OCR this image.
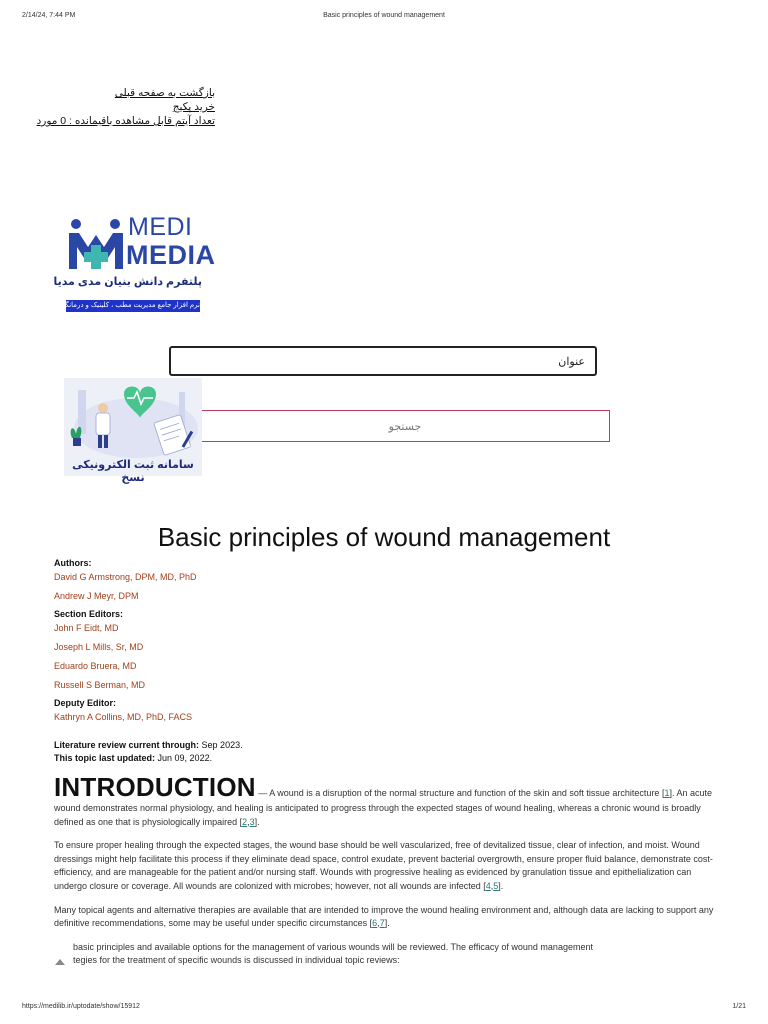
2/14/24, 7:44 PM	Basic principles of wound management
بازگشت به صفحه قبلی
خرید پکیج
تعداد آیتم قابل مشاهده باقیمانده : 0 مورد
MEDI
MEDIA
پلتفرم دانش بنیان مدی مدیا
نرم افزار جامع مدیریت مطب ، کلینیک و درمانگاه
عنوان
جستجو
سامانه ثبت الکترونیکی نسخ
Basic principles of wound management
Authors:
David G Armstrong, DPM, MD, PhD
Andrew J Meyr, DPM
Section Editors:
John F Eidt, MD
Joseph L Mills, Sr, MD
Eduardo Bruera, MD
Russell S Berman, MD
Deputy Editor:
Kathryn A Collins, MD, PhD, FACS
Literature review current through: Sep 2023.
This topic last updated: Jun 09, 2022.

INTRODUCTION — A wound is a disruption of the normal structure and function of the skin and soft tissue architecture [1]. An acute wound demonstrates normal physiology, and healing is anticipated to progress through the expected stages of wound healing, whereas a chronic wound is broadly defined as one that is physiologically impaired [2,3].

To ensure proper healing through the expected stages, the wound base should be well vascularized, free of devitalized tissue, clear of infection, and moist. Wound dressings might help facilitate this process if they eliminate dead space, control exudate, prevent bacterial overgrowth, ensure proper fluid balance, demonstrate cost-efficiency, and are manageable for the patient and/or nursing staff. Wounds with progressive healing as evidenced by granulation tissue and epithelialization can undergo closure or coverage. All wounds are colonized with microbes; however, not all wounds are infected [4,5].

Many topical agents and alternative therapies are available that are intended to improve the wound healing environment and, although data are lacking to support any definitive recommendations, some may be useful under specific circumstances [6,7].

basic principles and available options for the management of various wounds will be reviewed. The efficacy of wound management
tegies for the treatment of specific wounds is discussed in individual topic reviews:

https://medilib.ir/uptodate/show/15912	1/21
